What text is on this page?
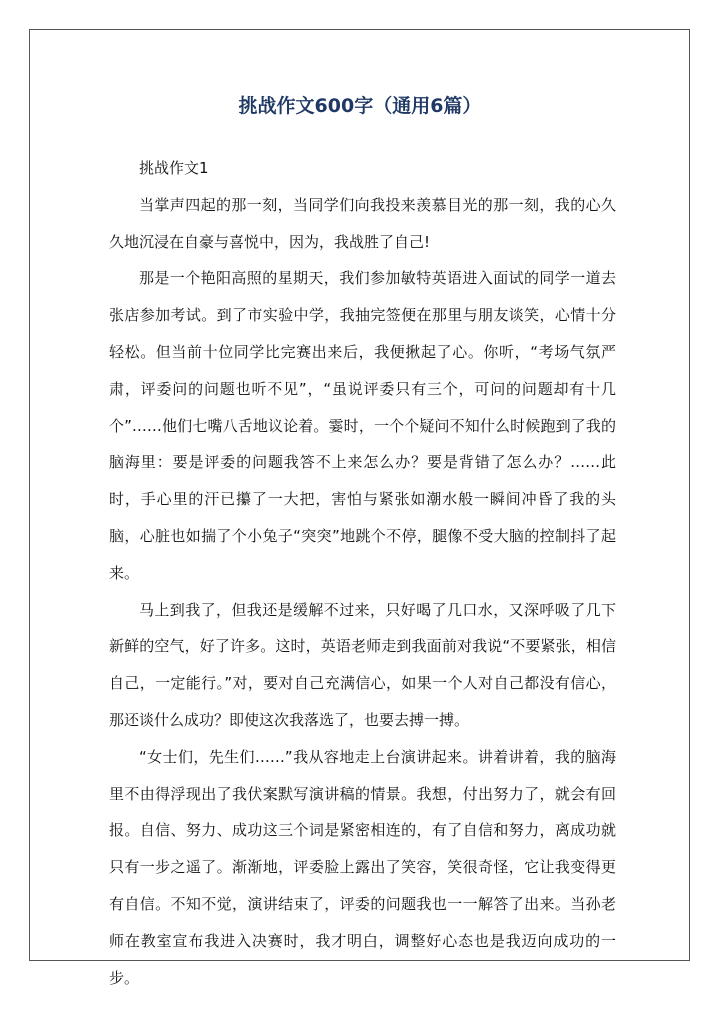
挑战作文600字（通用6篇）

挑战作文1

当掌声四起的那一刻，当同学们向我投来羡慕目光的那一刻，我的心久久地沉浸在自豪与喜悦中，因为，我战胜了自己!

那是一个艳阳高照的星期天，我们参加敏特英语进入面试的同学一道去张店参加考试。到了市实验中学，我抽完签便在那里与朋友谈笑，心情十分轻松。但当前十位同学比完赛出来后，我便揪起了心。你听，“考场气氛严肃，评委问的问题也听不见”，“虽说评委只有三个，可问的问题却有十几个”……他们七嘴八舌地议论着。霎时，一个个疑问不知什么时候跑到了我的脑海里：要是评委的问题我答不上来怎么办？要是背错了怎么办？……此时，手心里的汗已攥了一大把，害怕与紧张如潮水般一瞬间冲昏了我的头脑，心脏也如揣了个小兔子“突突”地跳个不停，腿像不受大脑的控制抖了起来。

马上到我了，但我还是缓解不过来，只好喝了几口水，又深呼吸了几下新鲜的空气，好了许多。这时，英语老师走到我面前对我说“不要紧张，相信自己，一定能行。”对，要对自己充满信心，如果一个人对自己都没有信心，那还谈什么成功？即使这次我落选了，也要去搏一搏。

“女士们，先生们……”我从容地走上台演讲起来。讲着讲着，我的脑海里不由得浮现出了我伏案默写演讲稿的情景。我想，付出努力了，就会有回报。自信、努力、成功这三个词是紧密相连的，有了自信和努力，离成功就只有一步之遥了。渐渐地，评委脸上露出了笑容，笑很奇怪，它让我变得更有自信。不知不觉，演讲结束了，评委的问题我也一一解答了出来。当孙老师在教室宣布我进入决赛时，我才明白，调整好心态也是我迈向成功的一步。
